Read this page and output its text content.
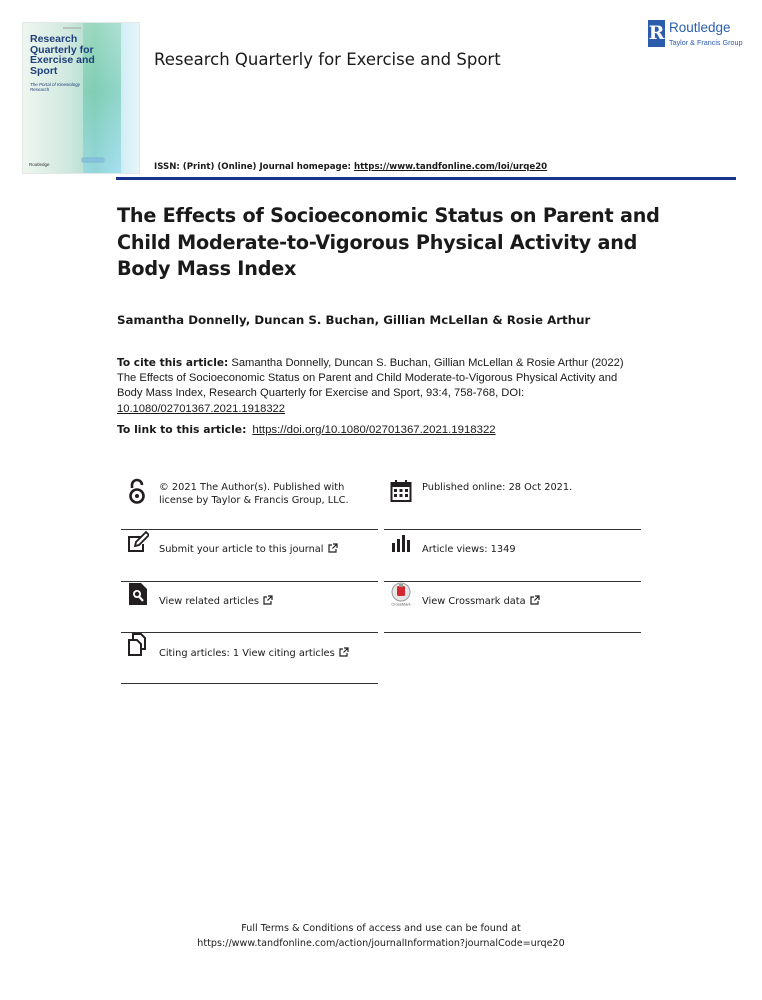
Research Quarterly for Exercise and Sport
The Portal of Kinesiology Research
Routledge
Research Quarterly for Exercise and Sport
ISSN: (Print) (Online) Journal homepage: https://www.tandfonline.com/loi/urqe20
R Routledge
Taylor & Francis Group
The Effects of Socioeconomic Status on Parent and Child Moderate-to-Vigorous Physical Activity and Body Mass Index
Samantha Donnelly, Duncan S. Buchan, Gillian McLellan & Rosie Arthur
To cite this article: Samantha Donnelly, Duncan S. Buchan, Gillian McLellan & Rosie Arthur (2022) The Effects of Socioeconomic Status on Parent and Child Moderate-to-Vigorous Physical Activity and Body Mass Index, Research Quarterly for Exercise and Sport, 93:4, 758-768, DOI: 10.1080/02701367.2021.1918322
To link to this article: https://doi.org/10.1080/02701367.2021.1918322
© 2021 The Author(s). Published with
license by Taylor & Francis Group, LLC.
Published online: 28 Oct 2021.
Submit your article to this journal	Article views: 1349
View related articles	CrossMark View Crossmark data
Citing articles: 1 View citing articles
Full Terms & Conditions of access and use can be found at
https://www.tandfonline.com/action/journalInformation?journalCode=urqe20
